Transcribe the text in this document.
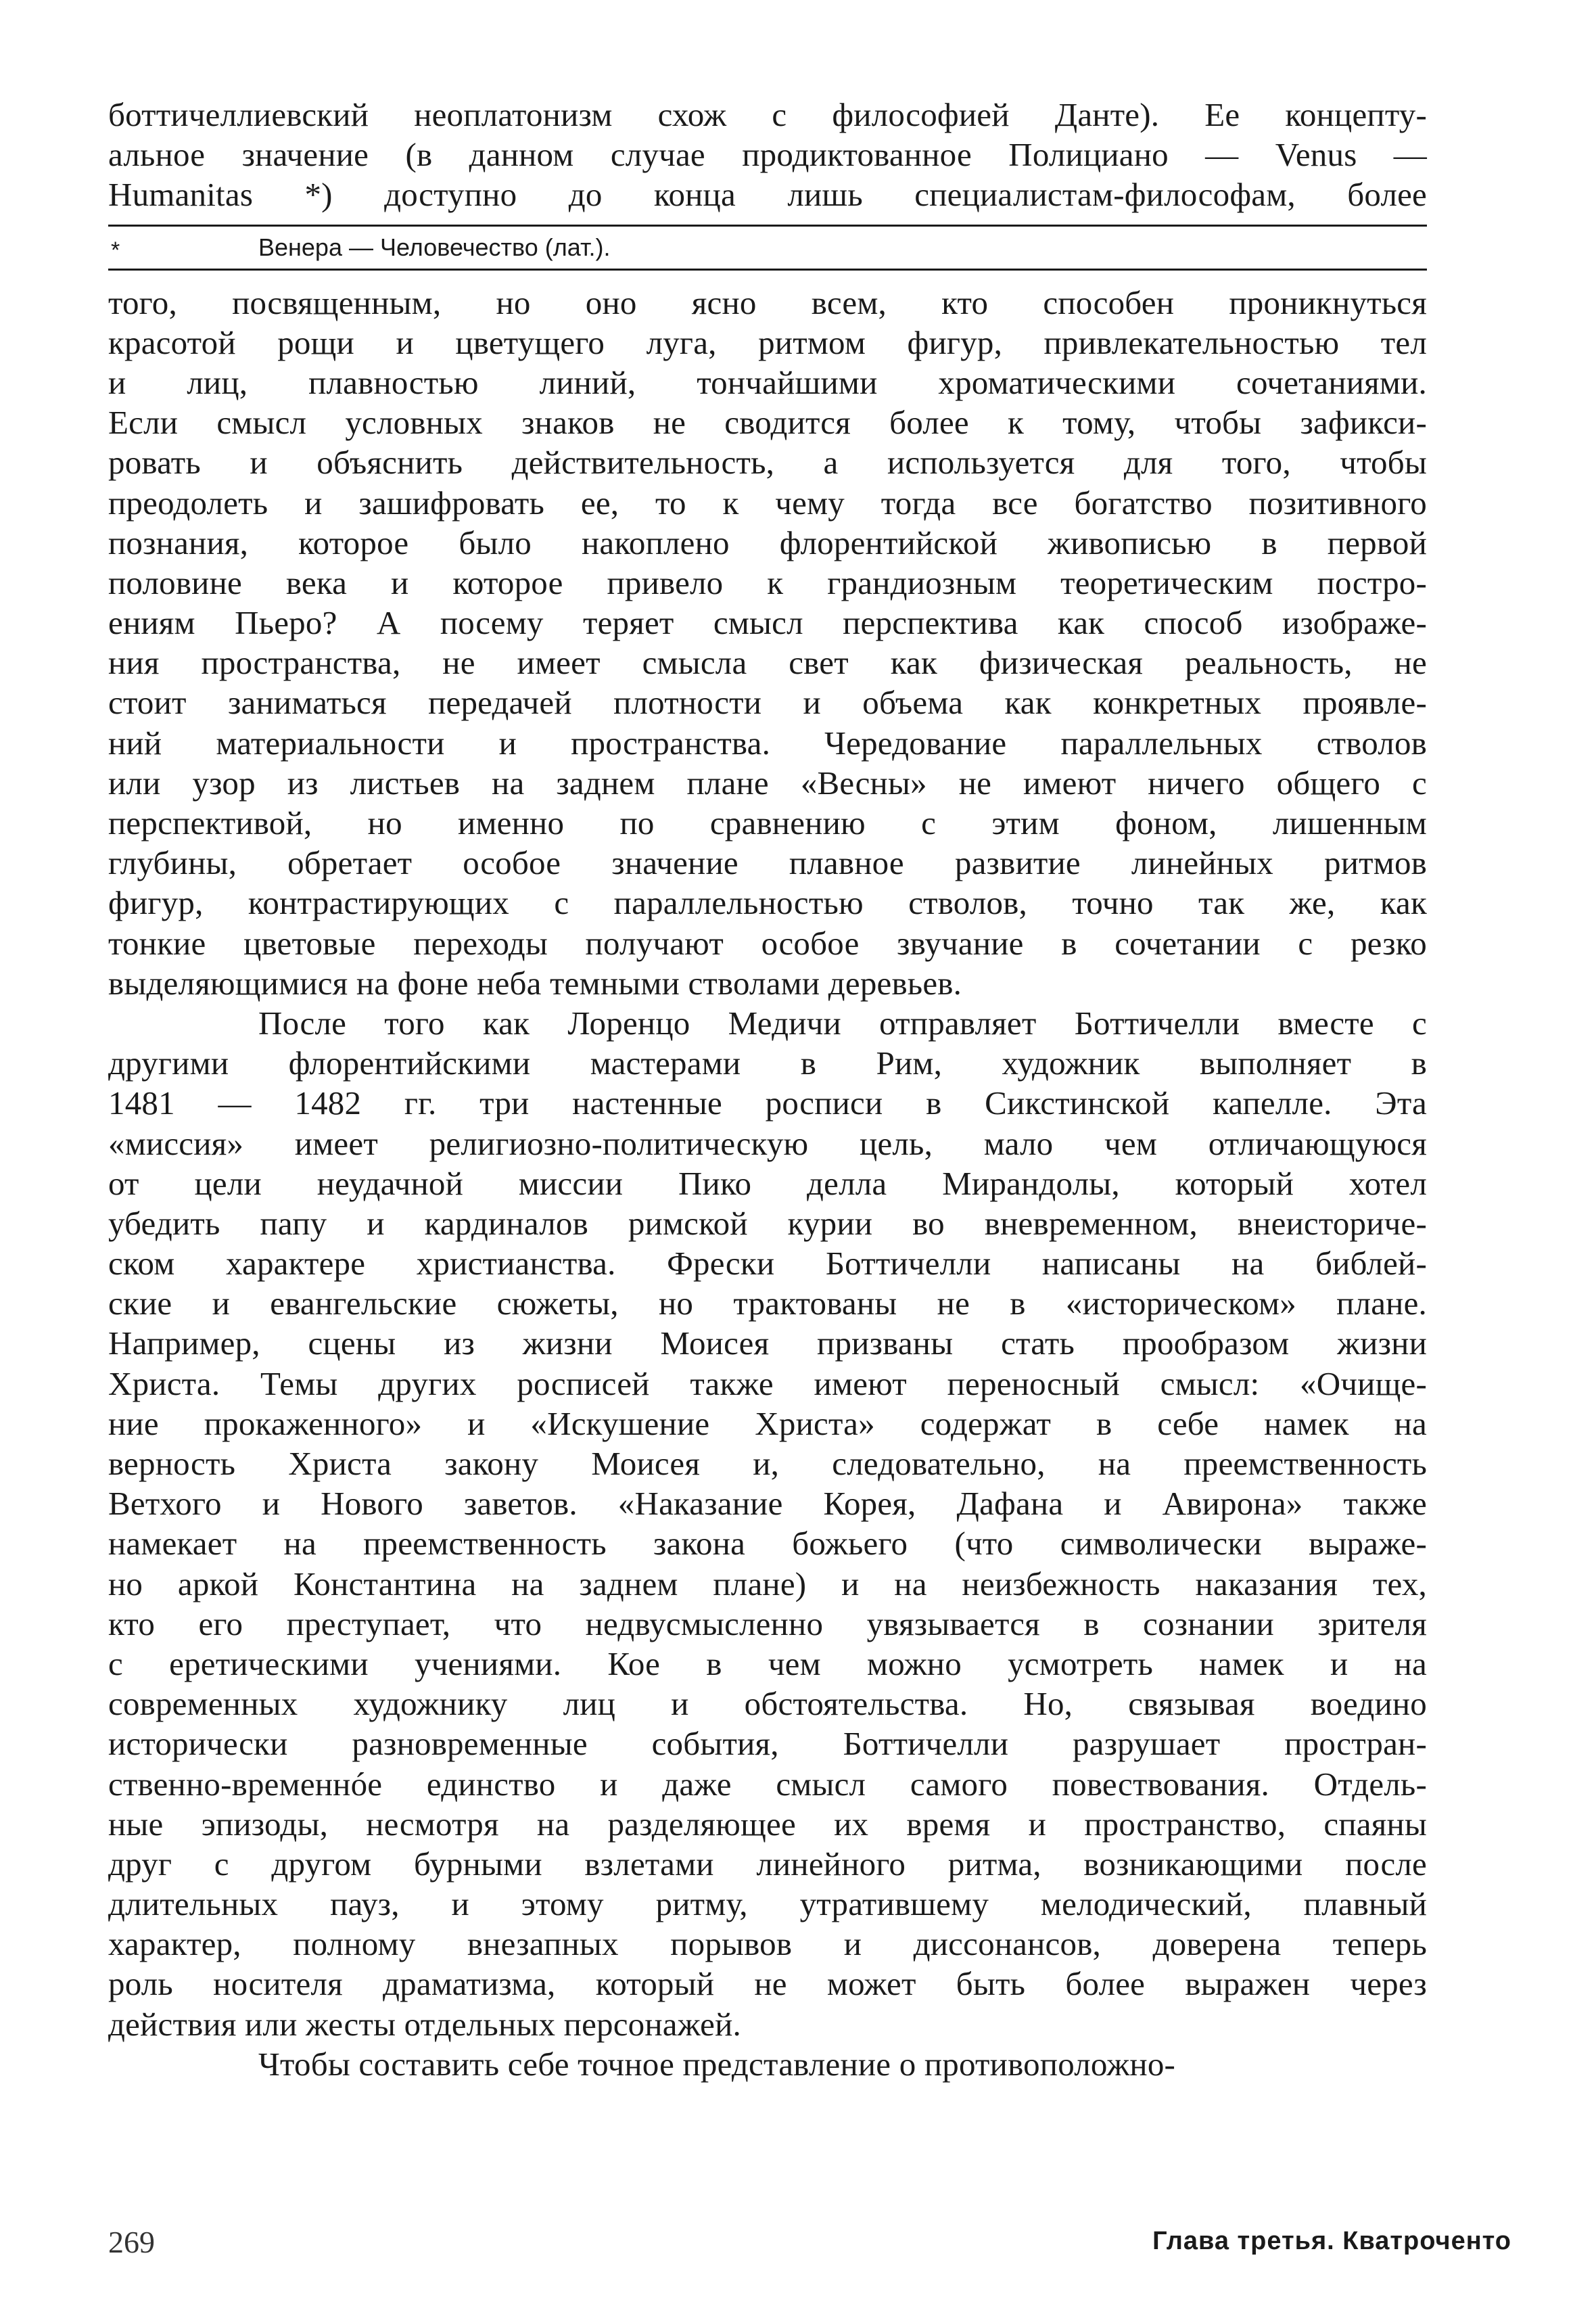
боттичеллиевский неоплатонизм схож с философией Данте). Ее концепту-
альное значение (в данном случае продиктованное Полициано — Venus —
Humanitas *) доступно до конца лишь специалистам-философам, более
*	Венера — Человечество (лат.).
того, посвященным, но оно ясно всем, кто способен проникнуться
красотой рощи и цветущего луга, ритмом фигур, привлекательностью тел
и лиц, плавностью линий, тончайшими хроматическими сочетаниями.
Если смысл условных знаков не сводится более к тому, чтобы зафикси-
ровать и объяснить действительность, а используется для того, чтобы
преодолеть и зашифровать ее, то к чему тогда все богатство позитивного
познания, которое было накоплено флорентийской живописью в первой
половине века и которое привело к грандиозным теоретическим постро-
ениям Пьеро? А посему теряет смысл перспектива как способ изображе-
ния пространства, не имеет смысла свет как физическая реальность, не
стоит заниматься передачей плотности и объема как конкретных проявле-
ний материальности и пространства. Чередование параллельных стволов
или узор из листьев на заднем плане «Весны» не имеют ничего общего с
перспективой, но именно по сравнению с этим фоном, лишенным
глубины, обретает особое значение плавное развитие линейных ритмов
фигур, контрастирующих с параллельностью стволов, точно так же, как
тонкие цветовые переходы получают особое звучание в сочетании с резко
выделяющимися на фоне неба темными стволами деревьев.
После того как Лоренцо Медичи отправляет Боттичелли вместе с
другими флорентийскими мастерами в Рим, художник выполняет в
1481 — 1482 гг. три настенные росписи в Сикстинской капелле. Эта
«миссия» имеет религиозно-политическую цель, мало чем отличающуюся
от цели неудачной миссии Пико делла Мирандолы, который хотел
убедить папу и кардиналов римской курии во вневременном, внеисториче-
ском характере христианства. Фрески Боттичелли написаны на библей-
ские и евангельские сюжеты, но трактованы не в «историческом» плане.
Например, сцены из жизни Моисея призваны стать прообразом жизни
Христа. Темы других росписей также имеют переносный смысл: «Очище-
ние прокаженного» и «Искушение Христа» содержат в себе намек на
верность Христа закону Моисея и, следовательно, на преемственность
Ветхого и Нового заветов. «Наказание Корея, Дафана и Авирона» также
намекает на преемственность закона божьего (что символически выраже-
но аркой Константина на заднем плане) и на неизбежность наказания тех,
кто его преступает, что недвусмысленно увязывается в сознании зрителя
с еретическими учениями. Кое в чем можно усмотреть намек и на
современных художнику лиц и обстоятельства. Но, связывая воедино
исторически разновременные события, Боттичелли разрушает простран-
ственно-временнóе единство и даже смысл самого повествования. Отдель-
ные эпизоды, несмотря на разделяющее их время и пространство, спаяны
друг с другом бурными взлетами линейного ритма, возникающими после
длительных пауз, и этому ритму, утратившему мелодический, плавный
характер, полному внезапных порывов и диссонансов, доверена теперь
роль носителя драматизма, который не может быть более выражен через
действия или жесты отдельных персонажей.
Чтобы составить себе точное представление о противоположно-
269	Глава третья. Кватроченто
